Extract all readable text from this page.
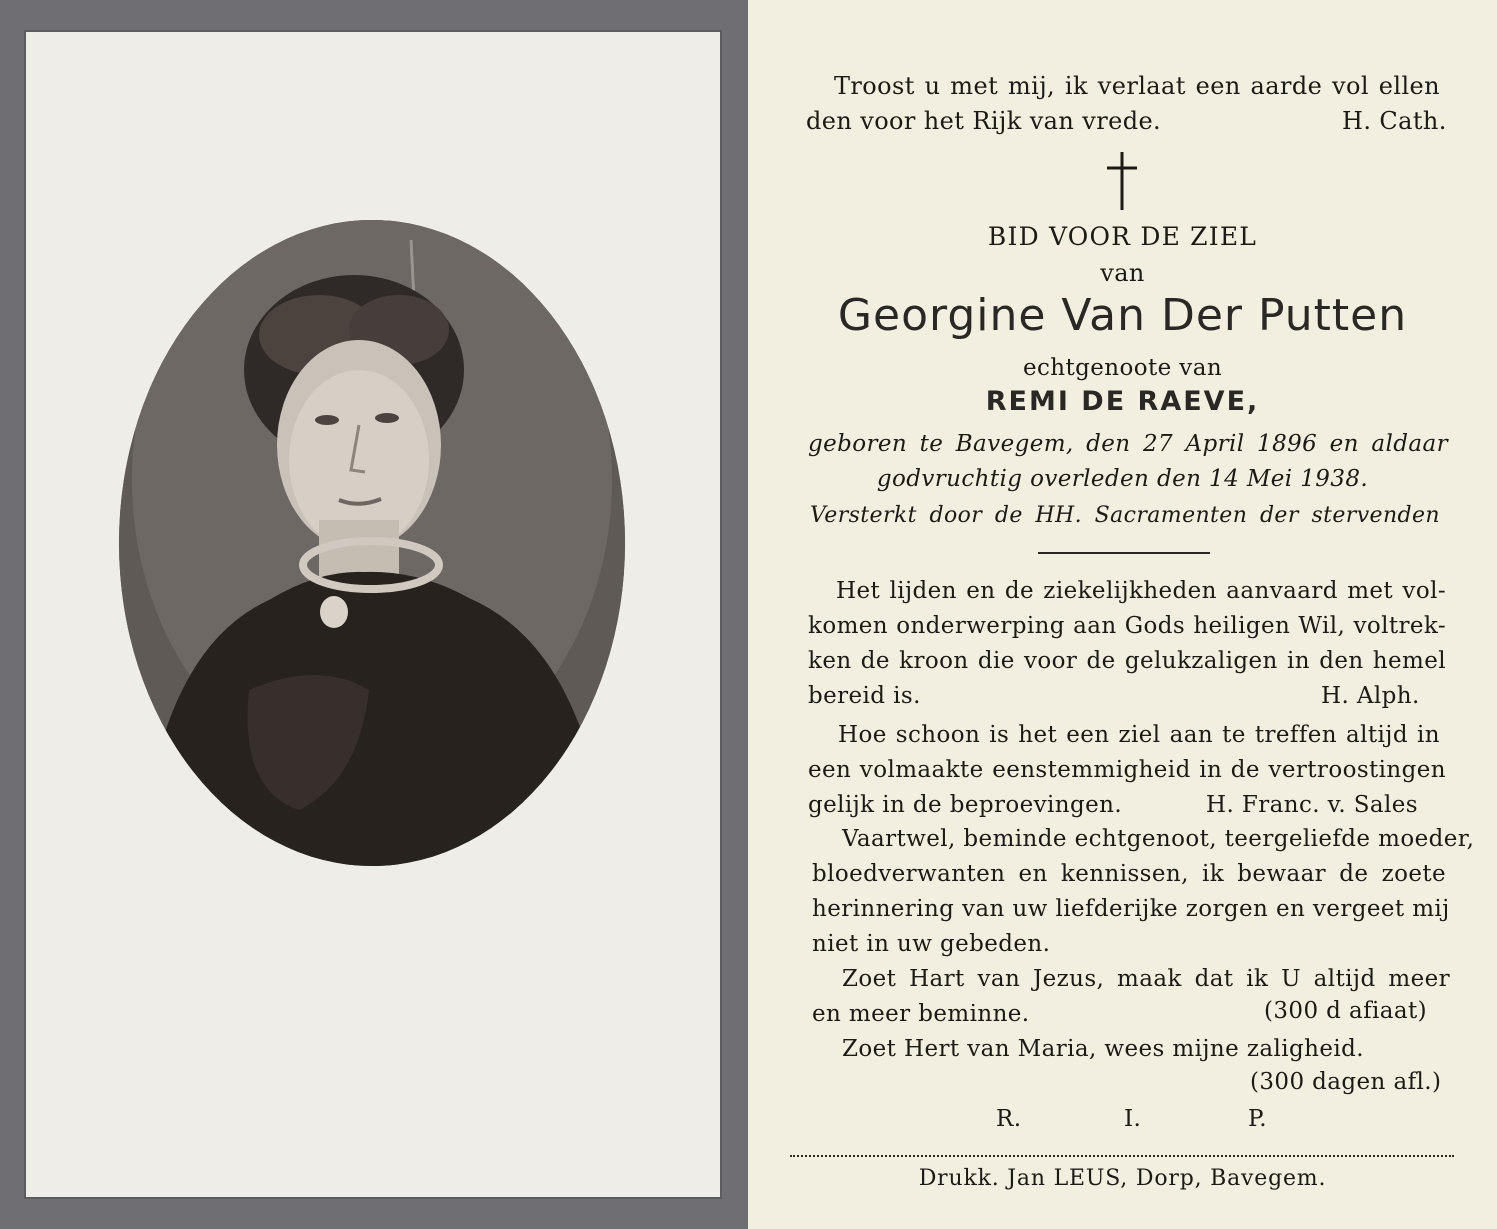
Troost u met mij, ik verlaat een aarde vol ellen
den voor het Rijk van vrede.	H. Cath.
BID VOOR DE ZIEL
van
Georgine Van Der Putten
echtgenoote van
REMI DE RAEVE,
geboren te Bavegem, den 27 April 1896 en aldaar
godvruchtig overleden den 14 Mei 1938.
Versterkt door de HH. Sacramenten der stervenden
Het lijden en de ziekelijkheden aanvaard met vol-
komen onderwerping aan Gods heiligen Wil, voltrek-
ken de kroon die voor de gelukzaligen in den hemel
bereid is.	H. Alph.
Hoe schoon is het een ziel aan te treffen altijd in
een volmaakte eenstemmigheid in de vertroostingen
gelijk in de beproevingen.	H. Franc. v. Sales
Vaartwel, beminde echtgenoot, teergeliefde moeder,
bloedverwanten en kennissen, ik bewaar de zoete
herinnering van uw liefderijke zorgen en vergeet mij
niet in uw gebeden.
Zoet Hart van Jezus, maak dat ik U altijd meer
en meer beminne.	(300 d afiaat)
Zoet Hert van Maria, wees mijne zaligheid.
(300 dagen afl.)
R.	I.	P.
Drukk. Jan LEUS, Dorp, Bavegem.
